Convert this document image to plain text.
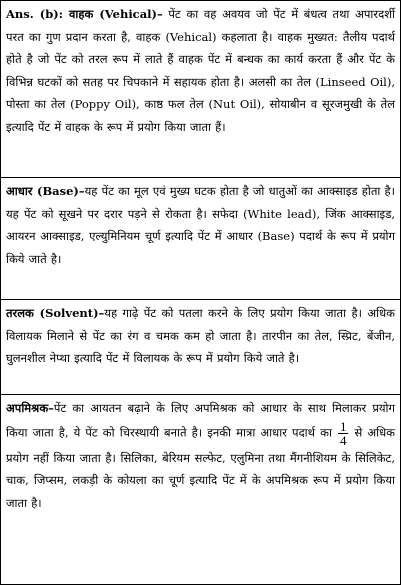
Ans. (b): वाहक (Vehical)– पेंट का वह अवयव जो पेंट में बंधत्व तथा अपारदर्शी परत का गुण प्रदान करता है, वाहक (Vehical) कहलाता है। वाहक मुख्यत: तैलीय पदार्थ होते है जो पेंट को तरल रूप में लाते हैं वाहक पेंट में बन्धक का कार्य करता हैं और पेंट के विभिन्न घटकों को सतह पर चिपकाने में सहायक होता है। अलसी का तेल (Linseed Oil), पोस्ता का तेल (Poppy Oil), काष्ठ फल तेल (Nut Oil), सोयाबीन व सूरजमुखी के तेल इत्यादि पेंट में वाहक के रूप में प्रयोग किया जाता हैं।

आधार (Base)–यह पेंट का मूल एवं मुख्य घटक होता है जो धातुओं का आक्साइड होता है। यह पेंट को सूखने पर दरार पड़ने से रोकता है। सफेदा (White lead), जिंक आक्साइड, आयरन आक्साइड, एल्युमिनियम चूर्ण इत्यादि पेंट में आधार (Base) पदार्थ के रूप में प्रयोग किये जाते है।

तरलक (Solvent)–यह गाढ़े पेंट को पतला करने के लिए प्रयोग किया जाता है। अधिक विलायक मिलाने से पेंट का रंग व चमक कम हो जाता है। तारपीन का तेल, स्प्रिट, बेंजीन, घुलनशील नेप्था इत्यादि पेंट में विलायक के रूप में प्रयोग किये जाते है।

अपमिश्रक–पेंट का आयतन बढ़ाने के लिए अपमिश्रक को आधार के साथ मिलाकर प्रयोग किया जाता है, ये पेंट को चिरस्थायी बनाते है। इनकी मात्रा आधार पदार्थ का $\frac{1}{4}$ से अधिक प्रयोग नहीं किया जाता है। सिलिका, बेरियम सल्फेट, एलुमिना तथा मैंगनीशियम के सिलिकेट, चाक, जिप्सम, लकड़ी के कोयला का चूर्ण इत्यादि पेंट में के अपमिश्रक रूप में प्रयोग किया जाता है।
